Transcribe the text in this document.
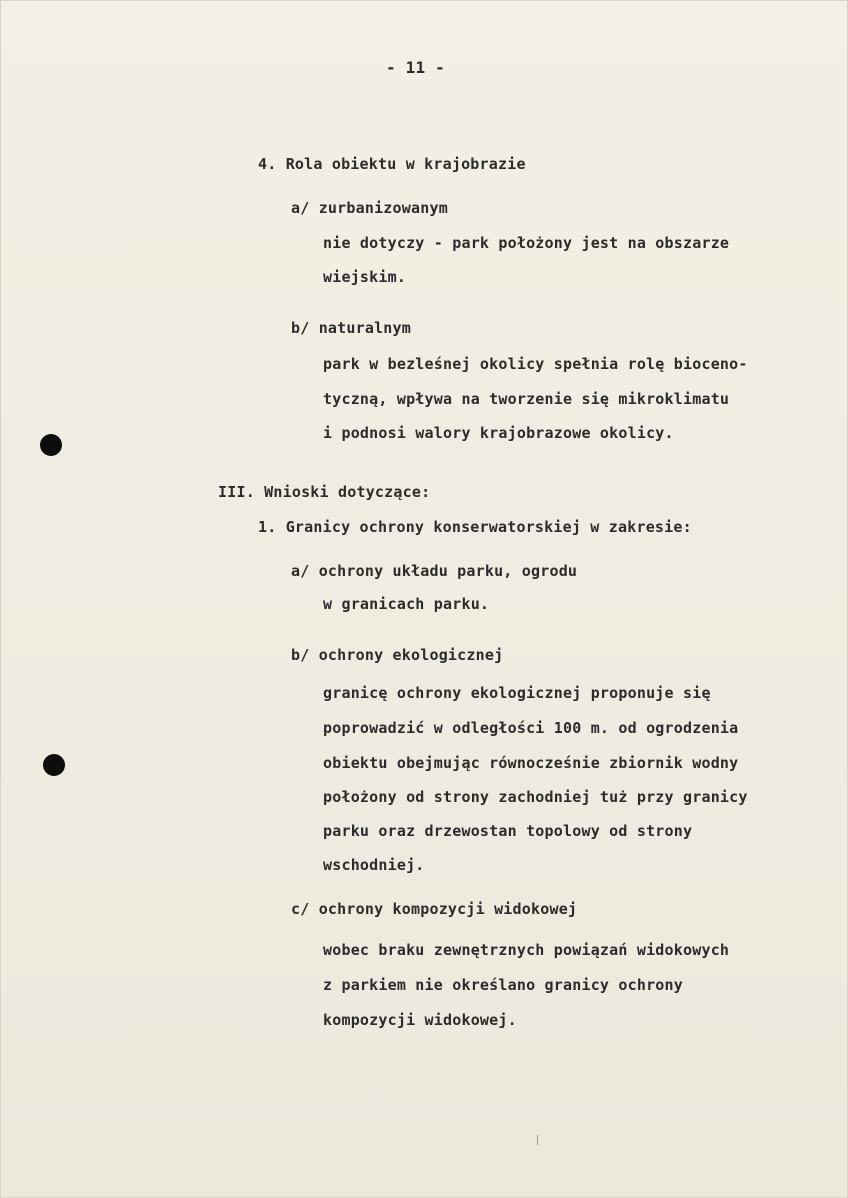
- 11 -
4. Rola obiektu w krajobrazie
a/ zurbanizowanym
nie dotyczy - park położony jest na obszarze
wiejskim.
b/ naturalnym
park w bezleśnej okolicy spełnia rolę bioceno-
tyczną, wpływa na tworzenie się mikroklimatu
i podnosi walory krajobrazowe okolicy.
III. Wnioski dotyczące:
1. Granicy ochrony konserwatorskiej w zakresie:
a/ ochrony układu parku, ogrodu
w granicach parku.
b/ ochrony ekologicznej
granicę ochrony ekologicznej proponuje się
poprowadzić w odległości 100 m. od ogrodzenia
obiektu obejmując równocześnie zbiornik wodny
położony od strony zachodniej tuż przy granicy
parku oraz drzewostan topolowy od strony
wschodniej.
c/ ochrony kompozycji widokowej
wobec braku zewnętrznych powiązań widokowych
z parkiem nie określano granicy ochrony
kompozycji widokowej.
